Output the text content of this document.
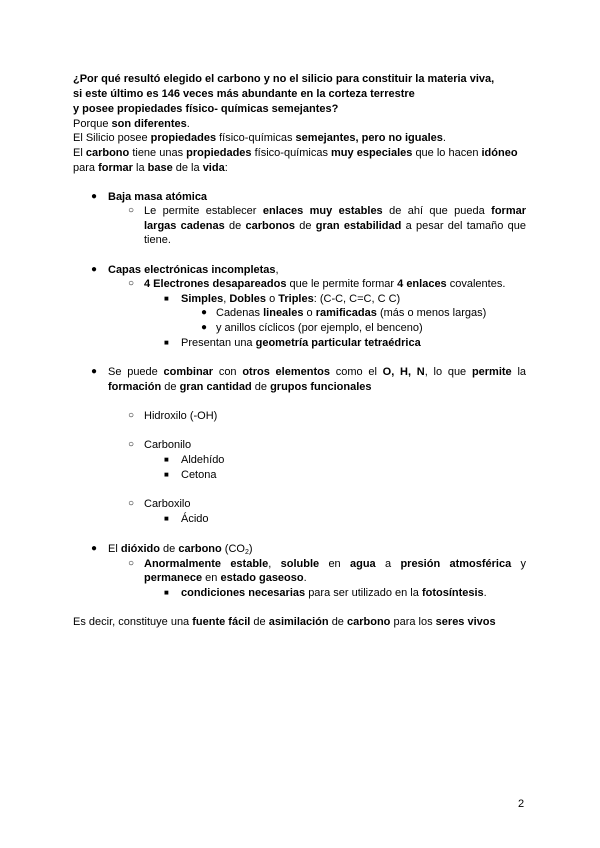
¿Por qué resultó elegido el carbono y no el silicio para constituir la materia viva,
si este último es 146 veces más abundante en la corteza terrestre
y posee propiedades físico- químicas semejantes?
Porque son diferentes.
El Silicio posee propiedades físico-químicas semejantes, pero no iguales.
El carbono tiene unas propiedades físico-químicas muy especiales que lo hacen idóneo
para formar la base de la vida:
● Baja masa atómica
○ Le permite establecer enlaces muy estables de ahí que pueda formar
largas cadenas de carbonos de gran estabilidad a pesar del tamaño que
tiene.
● Capas electrónicas incompletas,
○ 4 Electrones desapareados que le permite formar 4 enlaces covalentes.
■ Simples, Dobles o Triples: (C-C, C=C, C C)
● Cadenas lineales o ramificadas (más o menos largas)
● y anillos cíclicos (por ejemplo, el benceno)
■ Presentan una geometría particular tetraédrica
● Se puede combinar con otros elementos como el O, H, N, lo que permite la
formación de gran cantidad de grupos funcionales
○ Hidroxilo (-OH)
○ Carbonilo
■ Aldehído
■ Cetona
○ Carboxilo
■ Ácido
● El dióxido de carbono $(CO_2)$
○ Anormalmente estable, soluble en agua a presión atmosférica y
permanece en estado gaseoso.
■ condiciones necesarias para ser utilizado en la fotosíntesis.
Es decir, constituye una fuente fácil de asimilación de carbono para los seres vivos
2
